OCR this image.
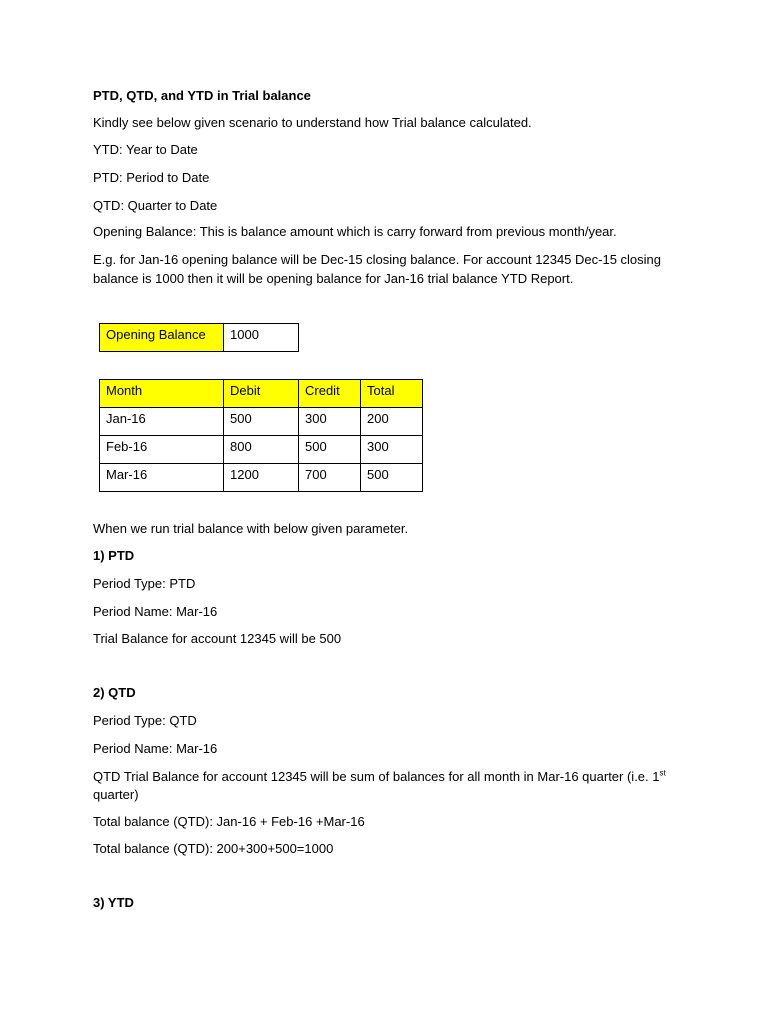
PTD, QTD, and YTD in Trial balance
Kindly see below given scenario to understand how Trial balance calculated.
YTD: Year to Date
PTD: Period to Date
QTD: Quarter to Date
Opening Balance: This is balance amount which is carry forward from previous month/year.
E.g. for Jan-16 opening balance will be Dec-15 closing balance. For account 12345 Dec-15 closing balance is 1000 then it will be opening balance for Jan-16 trial balance YTD Report.
Opening Balance	1000
Month	Debit	Credit	Total
Jan-16	500	300	200
Feb-16	800	500	300
Mar-16	1200	700	500
When we run trial balance with below given parameter.
1) PTD
Period Type: PTD
Period Name: Mar-16
Trial Balance for account 12345 will be 500
2) QTD
Period Type: QTD
Period Name: Mar-16
QTD Trial Balance for account 12345 will be sum of balances for all month in Mar-16 quarter (i.e. 1st
quarter)
Total balance (QTD): Jan-16 + Feb-16 +Mar-16
Total balance (QTD): 200+300+500=1000
3) YTD
